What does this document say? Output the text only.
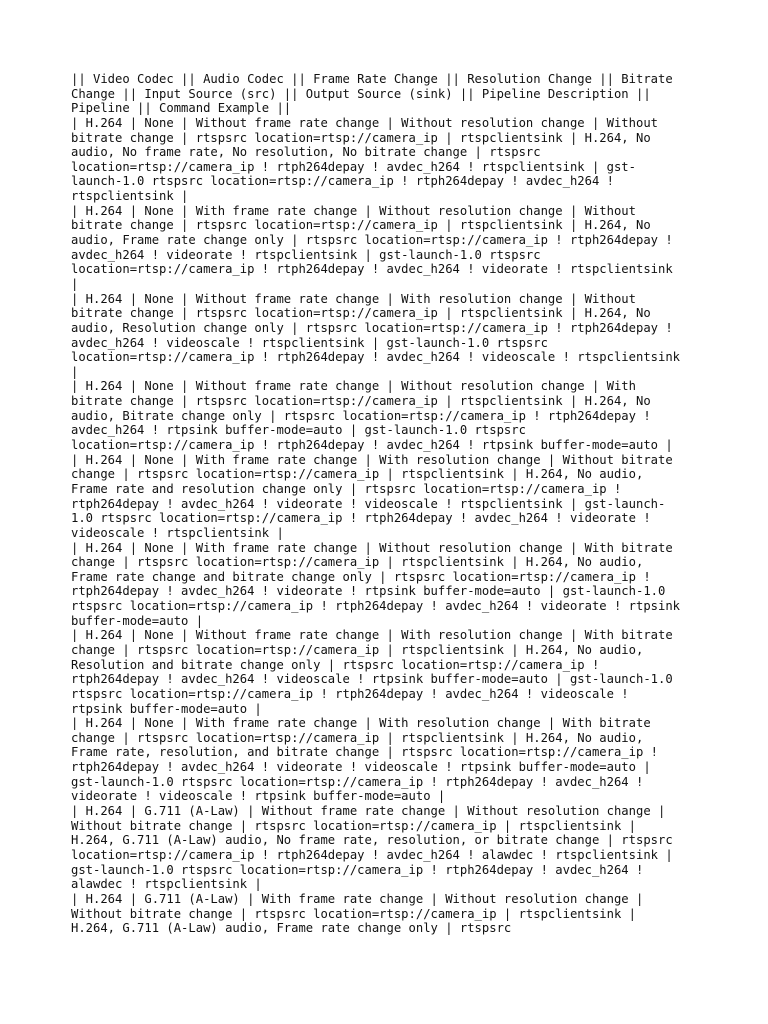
|| Video Codec || Audio Codec || Frame Rate Change || Resolution Change || Bitrate
Change || Input Source (src) || Output Source (sink) || Pipeline Description ||
Pipeline || Command Example ||
| H.264 | None | Without frame rate change | Without resolution change | Without
bitrate change | rtspsrc location=rtsp://camera_ip | rtspclientsink | H.264, No
audio, No frame rate, No resolution, No bitrate change | rtspsrc
location=rtsp://camera_ip ! rtph264depay ! avdec_h264 ! rtspclientsink | gst-
launch-1.0 rtspsrc location=rtsp://camera_ip ! rtph264depay ! avdec_h264 !
rtspclientsink |
| H.264 | None | With frame rate change | Without resolution change | Without
bitrate change | rtspsrc location=rtsp://camera_ip | rtspclientsink | H.264, No
audio, Frame rate change only | rtspsrc location=rtsp://camera_ip ! rtph264depay !
avdec_h264 ! videorate ! rtspclientsink | gst-launch-1.0 rtspsrc
location=rtsp://camera_ip ! rtph264depay ! avdec_h264 ! videorate ! rtspclientsink
|
| H.264 | None | Without frame rate change | With resolution change | Without
bitrate change | rtspsrc location=rtsp://camera_ip | rtspclientsink | H.264, No
audio, Resolution change only | rtspsrc location=rtsp://camera_ip ! rtph264depay !
avdec_h264 ! videoscale ! rtspclientsink | gst-launch-1.0 rtspsrc
location=rtsp://camera_ip ! rtph264depay ! avdec_h264 ! videoscale ! rtspclientsink
|
| H.264 | None | Without frame rate change | Without resolution change | With
bitrate change | rtspsrc location=rtsp://camera_ip | rtspclientsink | H.264, No
audio, Bitrate change only | rtspsrc location=rtsp://camera_ip ! rtph264depay !
avdec_h264 ! rtpsink buffer-mode=auto | gst-launch-1.0 rtspsrc
location=rtsp://camera_ip ! rtph264depay ! avdec_h264 ! rtpsink buffer-mode=auto |
| H.264 | None | With frame rate change | With resolution change | Without bitrate
change | rtspsrc location=rtsp://camera_ip | rtspclientsink | H.264, No audio,
Frame rate and resolution change only | rtspsrc location=rtsp://camera_ip !
rtph264depay ! avdec_h264 ! videorate ! videoscale ! rtspclientsink | gst-launch-
1.0 rtspsrc location=rtsp://camera_ip ! rtph264depay ! avdec_h264 ! videorate !
videoscale ! rtspclientsink |
| H.264 | None | With frame rate change | Without resolution change | With bitrate
change | rtspsrc location=rtsp://camera_ip | rtspclientsink | H.264, No audio,
Frame rate change and bitrate change only | rtspsrc location=rtsp://camera_ip !
rtph264depay ! avdec_h264 ! videorate ! rtpsink buffer-mode=auto | gst-launch-1.0
rtspsrc location=rtsp://camera_ip ! rtph264depay ! avdec_h264 ! videorate ! rtpsink
buffer-mode=auto |
| H.264 | None | Without frame rate change | With resolution change | With bitrate
change | rtspsrc location=rtsp://camera_ip | rtspclientsink | H.264, No audio,
Resolution and bitrate change only | rtspsrc location=rtsp://camera_ip !
rtph264depay ! avdec_h264 ! videoscale ! rtpsink buffer-mode=auto | gst-launch-1.0
rtspsrc location=rtsp://camera_ip ! rtph264depay ! avdec_h264 ! videoscale !
rtpsink buffer-mode=auto |
| H.264 | None | With frame rate change | With resolution change | With bitrate
change | rtspsrc location=rtsp://camera_ip | rtspclientsink | H.264, No audio,
Frame rate, resolution, and bitrate change | rtspsrc location=rtsp://camera_ip !
rtph264depay ! avdec_h264 ! videorate ! videoscale ! rtpsink buffer-mode=auto |
gst-launch-1.0 rtspsrc location=rtsp://camera_ip ! rtph264depay ! avdec_h264 !
videorate ! videoscale ! rtpsink buffer-mode=auto |
| H.264 | G.711 (A-Law) | Without frame rate change | Without resolution change |
Without bitrate change | rtspsrc location=rtsp://camera_ip | rtspclientsink |
H.264, G.711 (A-Law) audio, No frame rate, resolution, or bitrate change | rtspsrc
location=rtsp://camera_ip ! rtph264depay ! avdec_h264 ! alawdec ! rtspclientsink |
gst-launch-1.0 rtspsrc location=rtsp://camera_ip ! rtph264depay ! avdec_h264 !
alawdec ! rtspclientsink |
| H.264 | G.711 (A-Law) | With frame rate change | Without resolution change |
Without bitrate change | rtspsrc location=rtsp://camera_ip | rtspclientsink |
H.264, G.711 (A-Law) audio, Frame rate change only | rtspsrc
